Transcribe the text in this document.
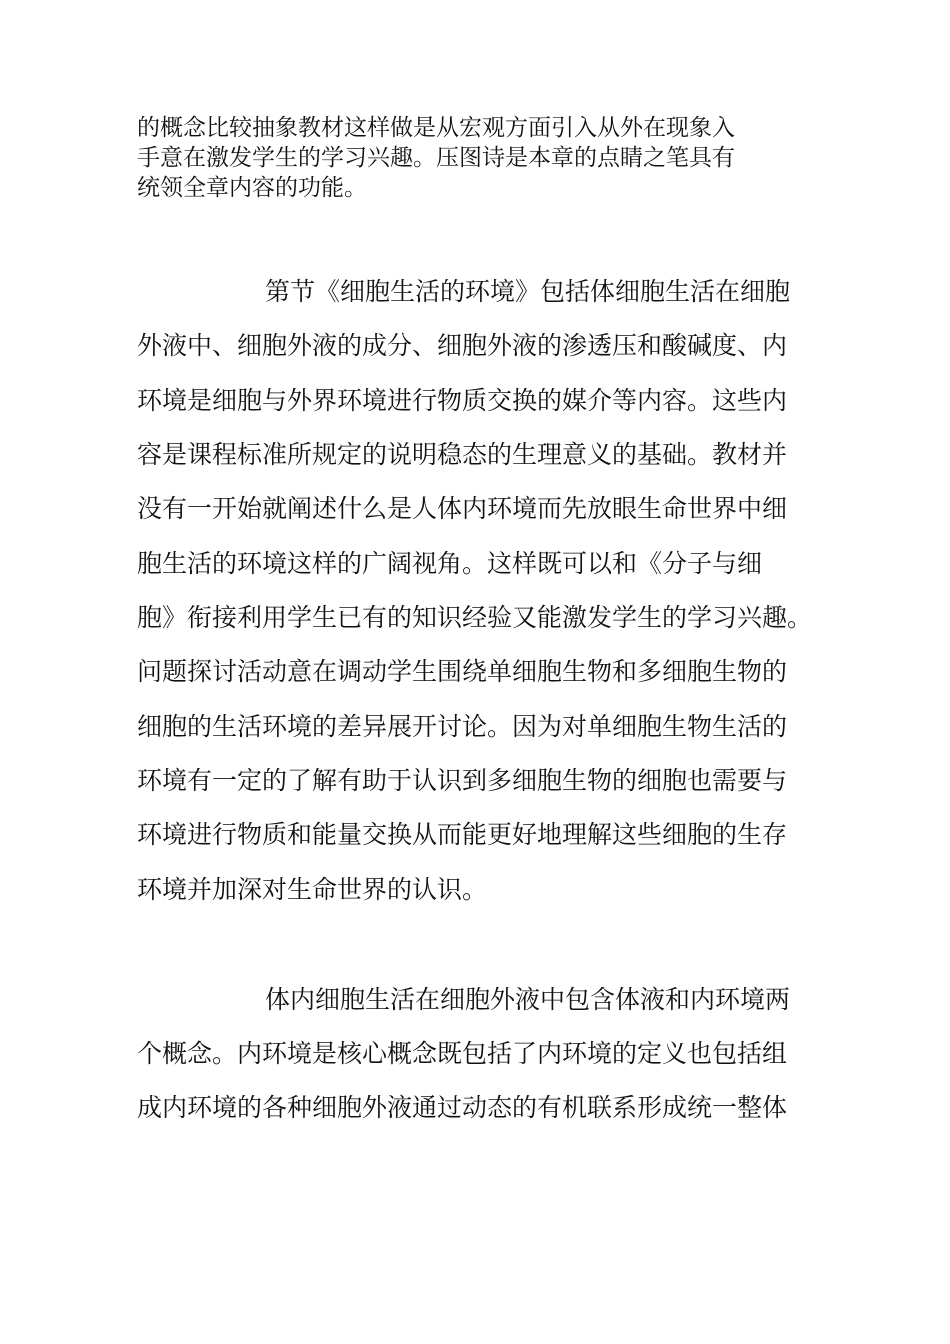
的概念比较抽象教材这样做是从宏观方面引入从外在现象入
手意在激发学生的学习兴趣。压图诗是本章的点睛之笔具有
统领全章内容的功能。
第节《细胞生活的环境》包括体细胞生活在细胞
外液中、细胞外液的成分、细胞外液的渗透压和酸碱度、内
环境是细胞与外界环境进行物质交换的媒介等内容。这些内
容是课程标准所规定的说明稳态的生理意义的基础。教材并
没有一开始就阐述什么是人体内环境而先放眼生命世界中细
胞生活的环境这样的广阔视角。这样既可以和《分子与细
胞》衔接利用学生已有的知识经验又能激发学生的学习兴趣。
问题探讨活动意在调动学生围绕单细胞生物和多细胞生物的
细胞的生活环境的差异展开讨论。因为对单细胞生物生活的
环境有一定的了解有助于认识到多细胞生物的细胞也需要与
环境进行物质和能量交换从而能更好地理解这些细胞的生存
环境并加深对生命世界的认识。
体内细胞生活在细胞外液中包含体液和内环境两
个概念。内环境是核心概念既包括了内环境的定义也包括组
成内环境的各种细胞外液通过动态的有机联系形成统一整体
